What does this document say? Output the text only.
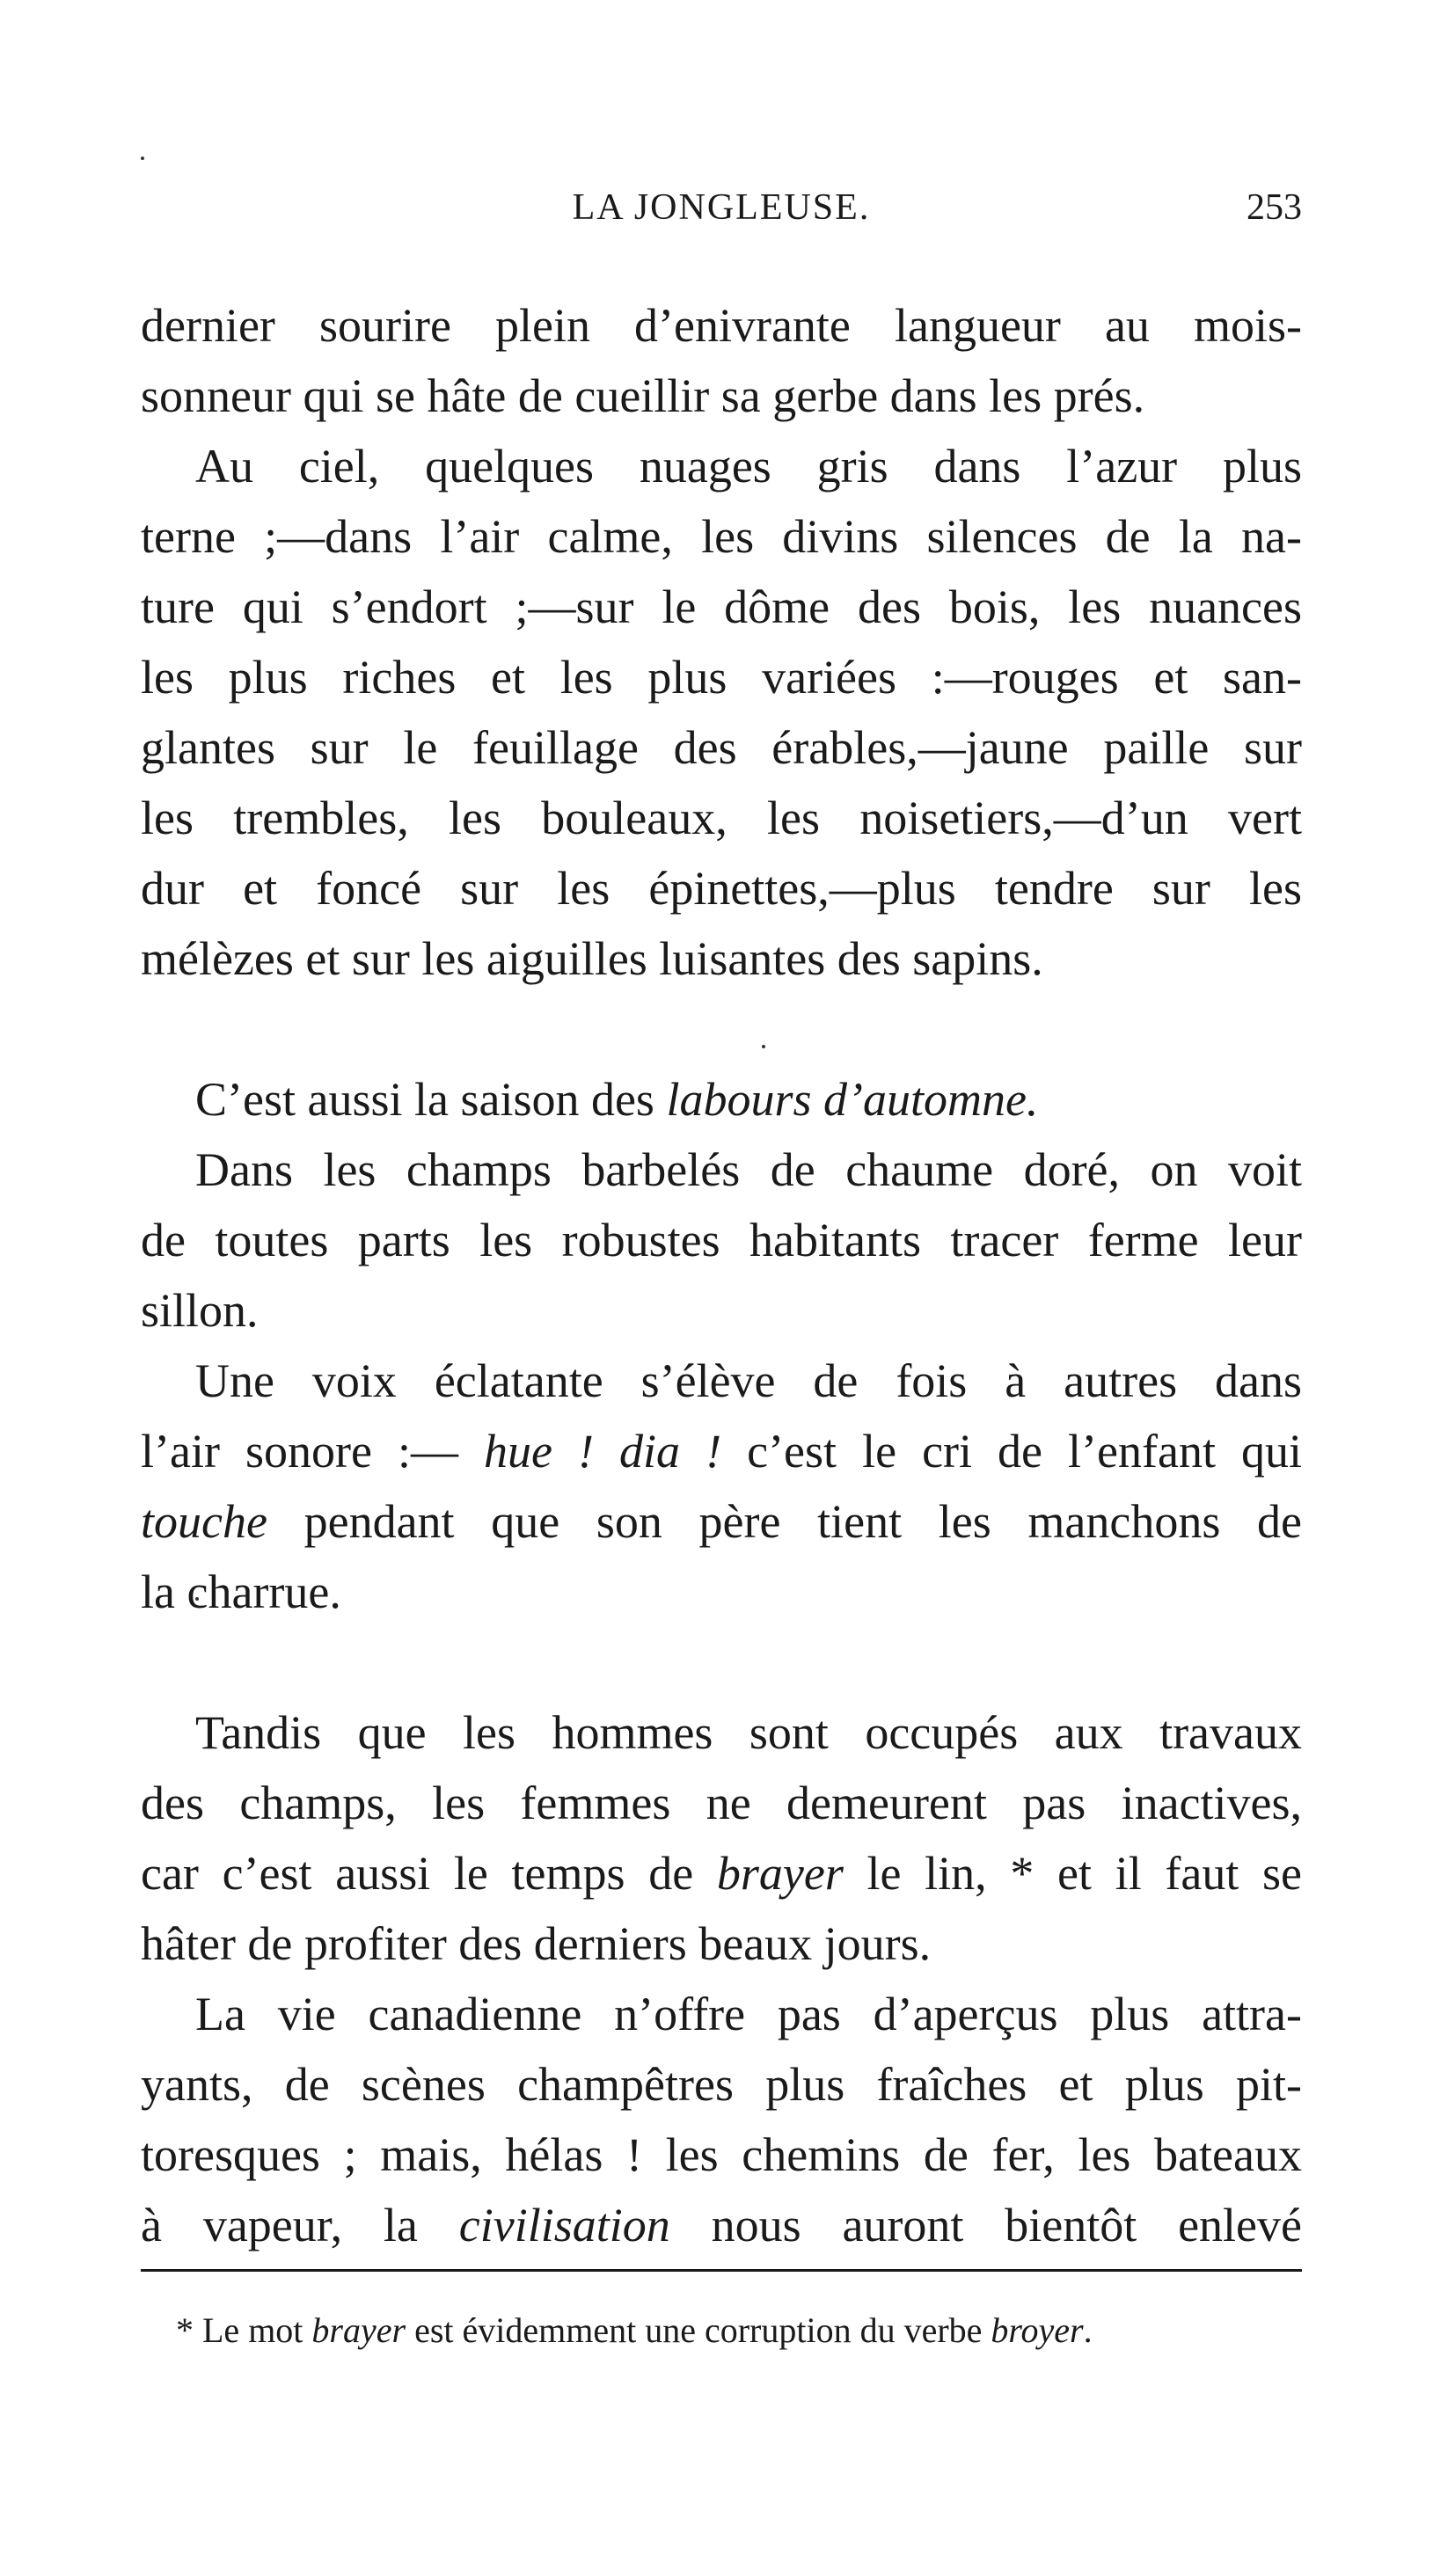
LA JONGLEUSE.	253

dernier sourire plein d’enivrante langueur au mois-
sonneur qui se hâte de cueillir sa gerbe dans les prés.

Au ciel, quelques nuages gris dans l’azur plus
terne ;—dans l’air calme, les divins silences de la na-
ture qui s’endort ;—sur le dôme des bois, les nuances
les plus riches et les plus variées :—rouges et san-
glantes sur le feuillage des érables,—jaune paille sur
les trembles, les bouleaux, les noisetiers,—d’un vert
dur et foncé sur les épinettes,—plus tendre sur les
mélèzes et sur les aiguilles luisantes des sapins.

C’est aussi la saison des labours d’automne.

Dans les champs barbelés de chaume doré, on voit
de toutes parts les robustes habitants tracer ferme leur
sillon.

Une voix éclatante s’élève de fois à autres dans
l’air sonore :— hue ! dia ! c’est le cri de l’enfant qui
touche pendant que son père tient les manchons de
la charrue.

Tandis que les hommes sont occupés aux travaux
des champs, les femmes ne demeurent pas inactives,
car c’est aussi le temps de brayer le lin, * et il faut se
hâter de profiter des derniers beaux jours.

La vie canadienne n’offre pas d’aperçus plus attra-
yants, de scènes champêtres plus fraîches et plus pit-
toresques ; mais, hélas ! les chemins de fer, les bateaux
à vapeur, la civilisation nous auront bientôt enlevé

* Le mot brayer est évidemment une corruption du verbe broyer.
